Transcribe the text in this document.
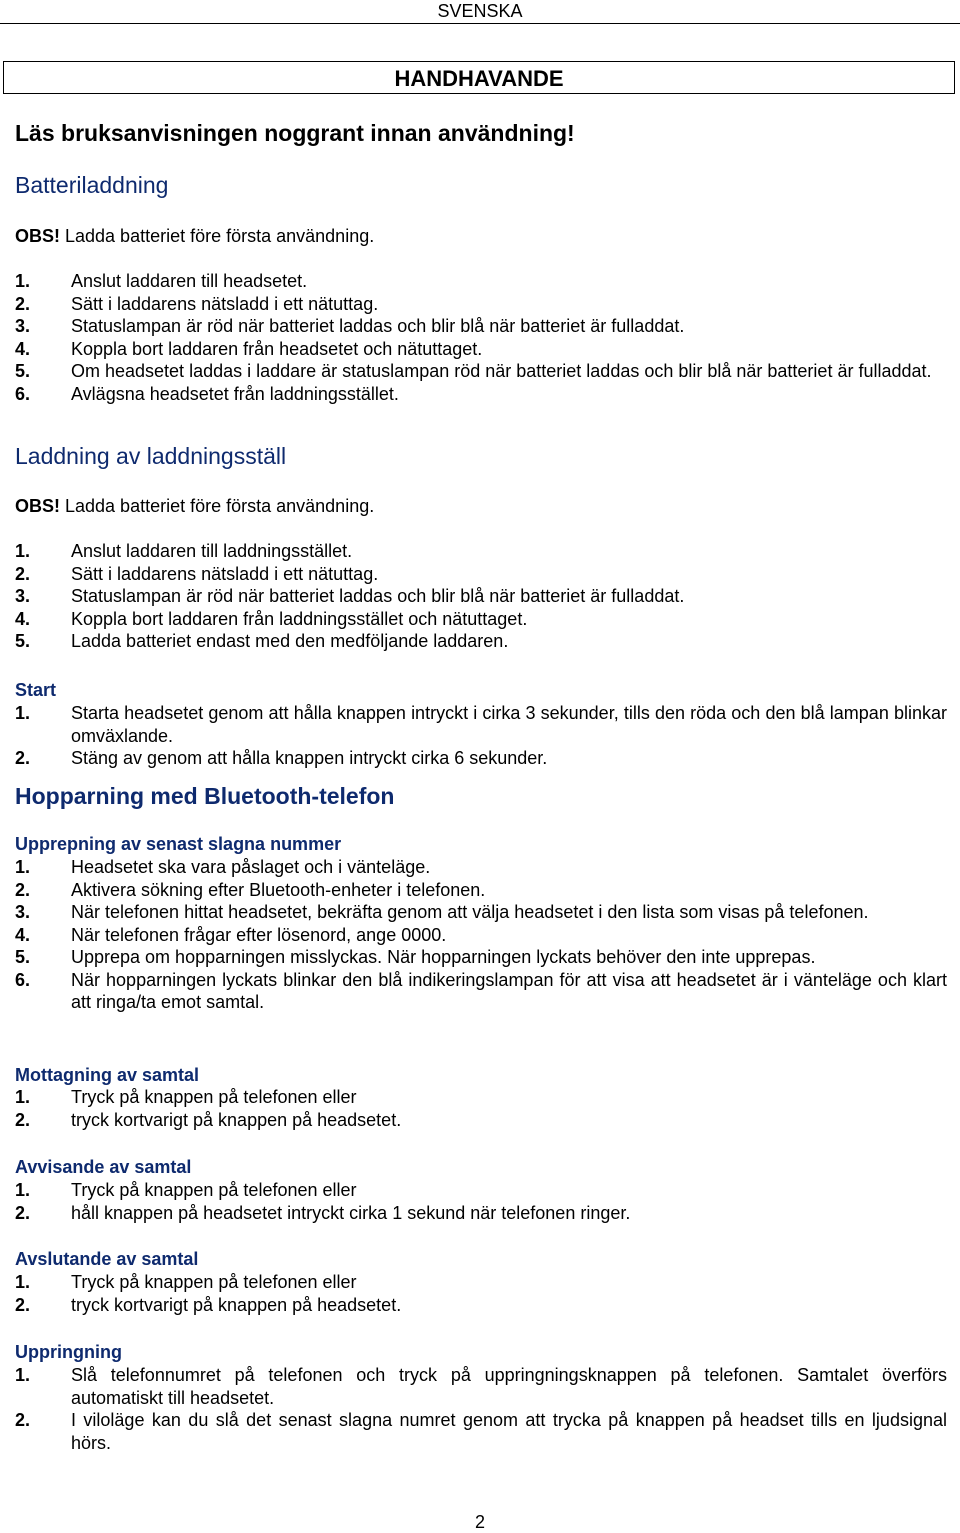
SVENSKA
HANDHAVANDE
Läs bruksanvisningen noggrant innan användning!
Batteriladdning

OBS! Ladda batteriet före första användning.

1. Anslut laddaren till headsetet.
2. Sätt i laddarens nätsladd i ett nätuttag.
3. Statuslampan är röd när batteriet laddas och blir blå när batteriet är fulladdat.
4. Koppla bort laddaren från headsetet och nätuttaget.
5. Om headsetet laddas i laddare är statuslampan röd när batteriet laddas och blir blå när batteriet är fulladdat.
6. Avlägsna headsetet från laddningsstället.
Laddning av laddningsställ

OBS! Ladda batteriet före första användning.

1. Anslut laddaren till laddningsstället.
2. Sätt i laddarens nätsladd i ett nätuttag.
3. Statuslampan är röd när batteriet laddas och blir blå när batteriet är fulladdat.
4. Koppla bort laddaren från laddningsstället och nätuttaget.
5. Ladda batteriet endast med den medföljande laddaren.
Start
1. Starta headsetet genom att hålla knappen intryckt i cirka 3 sekunder, tills den röda och den blå lampan blinkar omväxlande.
2. Stäng av genom att hålla knappen intryckt cirka 6 sekunder.
Hopparning med Bluetooth-telefon
Upprepning av senast slagna nummer
1. Headsetet ska vara påslaget och i vänteläge.
2. Aktivera sökning efter Bluetooth-enheter i telefonen.
3. När telefonen hittat headsetet, bekräfta genom att välja headsetet i den lista som visas på telefonen.
4. När telefonen frågar efter lösenord, ange 0000.
5. Upprepa om hopparningen misslyckas. När hopparningen lyckats behöver den inte upprepas.
6. När hopparningen lyckats blinkar den blå indikeringslampan för att visa att headsetet är i vänteläge och klart att ringa/ta emot samtal.
Mottagning av samtal
1. Tryck på knappen på telefonen eller
2. tryck kortvarigt på knappen på headsetet.
Avvisande av samtal
1. Tryck på knappen på telefonen eller
2. håll knappen på headsetet intryckt cirka 1 sekund när telefonen ringer.
Avslutande av samtal
1. Tryck på knappen på telefonen eller
2. tryck kortvarigt på knappen på headsetet.
Uppringning
1. Slå telefonnumret på telefonen och tryck på uppringningsknappen på telefonen. Samtalet överförs automatiskt till headsetet.
2. I viloläge kan du slå det senast slagna numret genom att trycka på knappen på headset tills en ljudsignal hörs.
2
